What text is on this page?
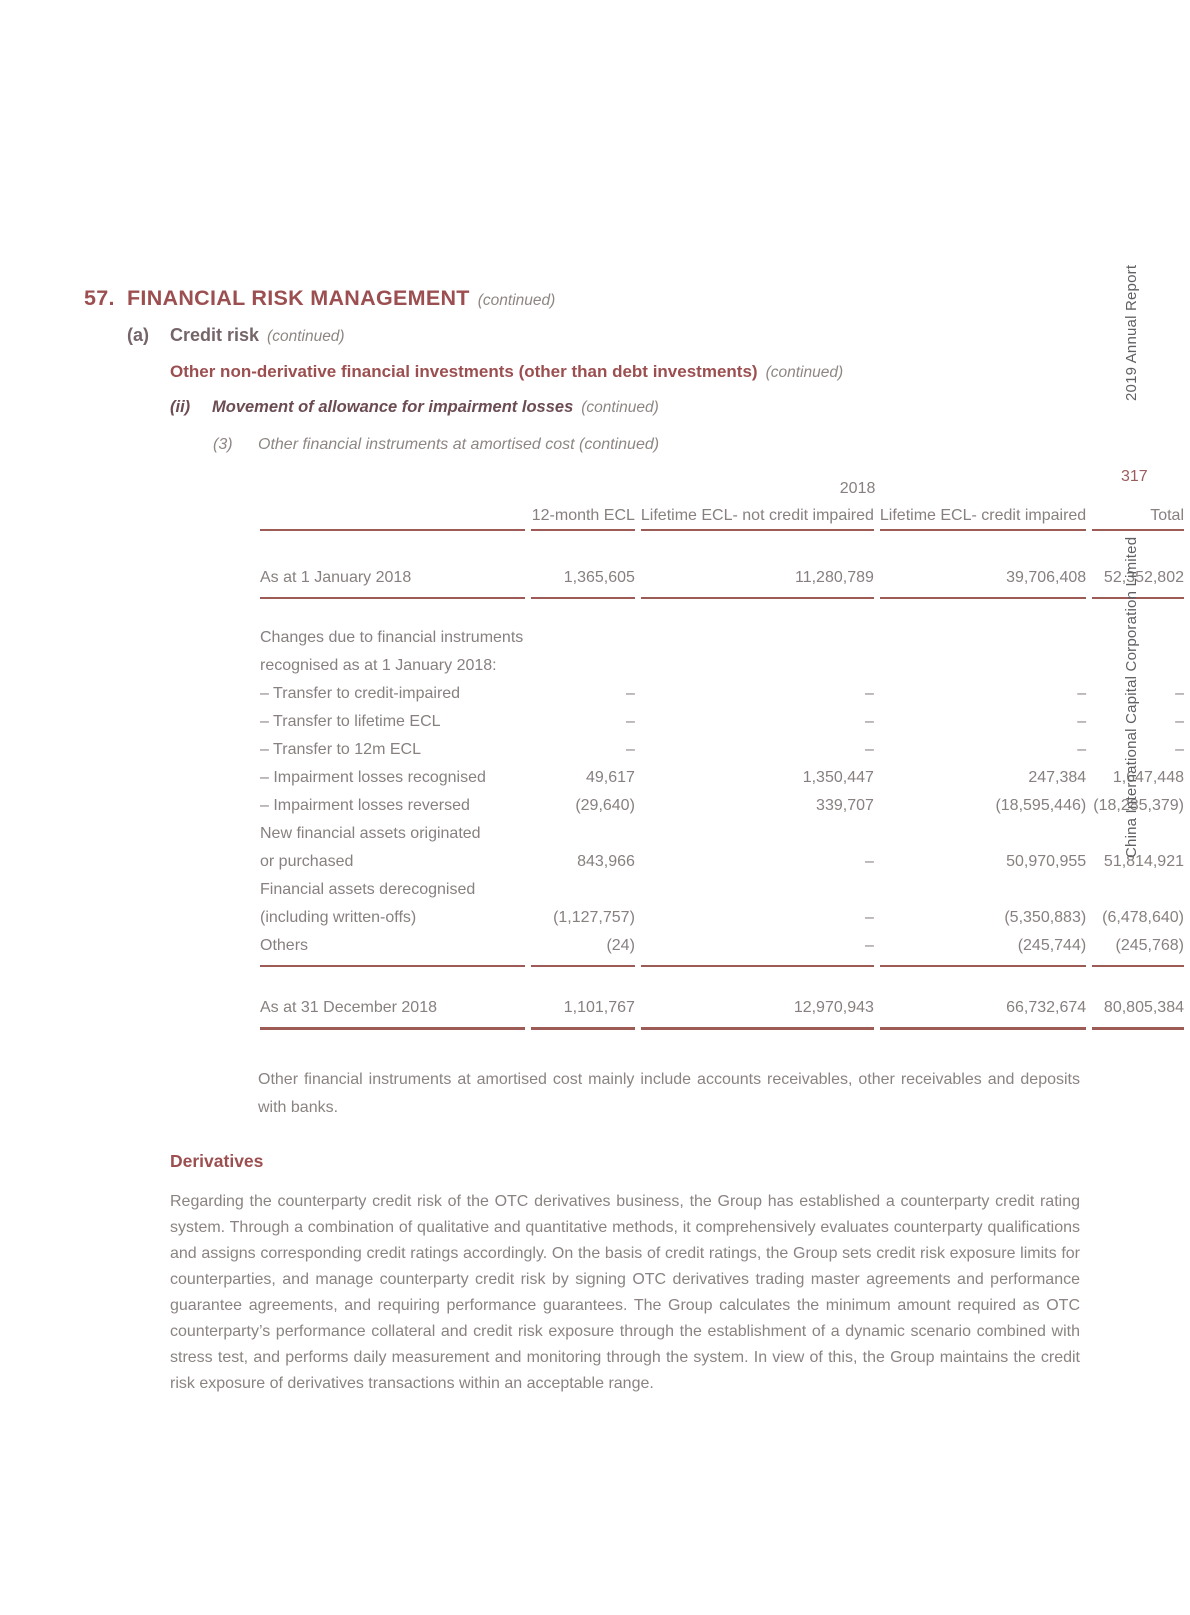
57. FINANCIAL RISK MANAGEMENT (continued)
(a)	Credit risk (continued)
Other non-derivative financial investments (other than debt investments) (continued)
(ii)	Movement of allowance for impairment losses (continued)
(3)	Other financial instruments at amortised cost (continued)
	2018			
	12-month ECL	Lifetime ECL- not credit impaired	Lifetime ECL- credit impaired	Total

As at 1 January 2018	1,365,605	11,280,789	39,706,408	52,352,802

Changes due to financial instruments				
recognised as at 1 January 2018:				
– Transfer to credit-impaired	–	–	–	–
– Transfer to lifetime ECL	–	–	–	–
– Transfer to 12m ECL	–	–	–	–
– Impairment losses recognised	49,617	1,350,447	247,384	1,647,448
– Impairment losses reversed	(29,640)	339,707	(18,595,446)	(18,285,379)
New financial assets originated				
or purchased	843,966	–	50,970,955	51,814,921
Financial assets derecognised				
(including written-offs)	(1,127,757)	–	(5,350,883)	(6,478,640)
Others	(24)	–	(245,744)	(245,768)

As at 31 December 2018	1,101,767	12,970,943	66,732,674	80,805,384

Other financial instruments at amortised cost mainly include accounts receivables, other receivables and deposits with banks.

Derivatives

Regarding the counterparty credit risk of the OTC derivatives business, the Group has established a counterparty credit rating system. Through a combination of qualitative and quantitative methods, it comprehensively evaluates counterparty qualifications and assigns corresponding credit ratings accordingly. On the basis of credit ratings, the Group sets credit risk exposure limits for counterparties, and manage counterparty credit risk by signing OTC derivatives trading master agreements and performance guarantee agreements, and requiring performance guarantees. The Group calculates the minimum amount required as OTC counterparty’s performance collateral and credit risk exposure through the establishment of a dynamic scenario combined with stress test, and performs daily measurement and monitoring through the system. In view of this, the Group maintains the credit risk exposure of derivatives transactions within an acceptable range.

2019 Annual Report
317
China International Capital Corporation Limited
